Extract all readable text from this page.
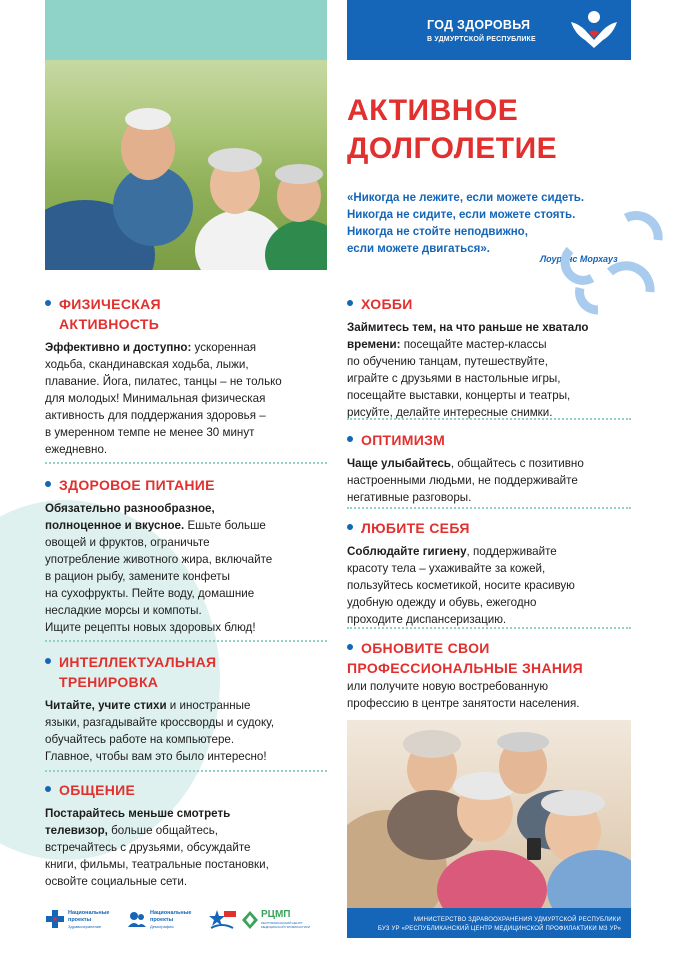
ГОД ЗДОРОВЬЯ
В УДМУРТСКОЙ РЕСПУБЛИКЕ
АКТИВНОЕ
ДОЛГОЛЕТИЕ
«Никогда не лежите, если можете сидеть.
Никогда не сидите, если можете стоять.
Никогда не стойте неподвижно,
если можете двигаться».
Лоуренс Морхауз
ФИЗИЧЕСКАЯ
АКТИВНОСТЬ
Эффективно и доступно: ускоренная
ходьба, скандинавская ходьба, лыжи,
плавание. Йога, пилатес, танцы – не только
для молодых! Минимальная физическая
активность для поддержания здоровья –
в умеренном темпе не менее 30 минут
ежедневно.
ЗДОРОВОЕ ПИТАНИЕ
Обязательно разнообразное,
полноценное и вкусное. Ешьте больше
овощей и фруктов, ограничьте
употребление животного жира, включайте
в рацион рыбу, замените конфеты
на сухофрукты. Пейте воду, домашние
несладкие морсы и компоты.
Ищите рецепты новых здоровых блюд!
ИНТЕЛЛЕКТУАЛЬНАЯ
ТРЕНИРОВКА
Читайте, учите стихи и иностранные
языки, разгадывайте кроссворды и судоку,
обучайтесь работе на компьютере.
Главное, чтобы вам это было интересно!
ОБЩЕНИЕ
Постарайтесь меньше смотреть
телевизор, больше общайтесь,
встречайтесь с друзьями, обсуждайте
книги, фильмы, театральные постановки,
освойте социальные сети.
ХОББИ
Займитесь тем, на что раньше не хватало
времени: посещайте мастер-классы
по обучению танцам, путешествуйте,
играйте с друзьями в настольные игры,
посещайте выставки, концерты и театры,
рисуйте, делайте интересные снимки.
ОПТИМИЗМ
Чаще улыбайтесь, общайтесь с позитивно
настроенными людьми, не поддерживайте
негативные разговоры.
ЛЮБИТЕ СЕБЯ
Соблюдайте гигиену, поддерживайте
красоту тела – ухаживайте за кожей,
пользуйтесь косметикой, носите красивую
удобную одежду и обувь, ежегодно
проходите диспансеризацию.
ОБНОВИТЕ СВОИ
ПРОФЕССИОНАЛЬНЫЕ ЗНАНИЯ
или получите новую востребованную
профессию в центре занятости населения.
Национальные
проекты
Здравоохранение
Национальные
проекты
Демография
РЦМП
РЕСПУБЛИКАНСКИЙ ЦЕНТР МЕДИЦИНСКОЙ ПРОФИЛАКТИКИ
МИНИСТЕРСТВО ЗДРАВООХРАНЕНИЯ УДМУРТСКОЙ РЕСПУБЛИКИ
БУЗ УР «РЕСПУБЛИКАНСКИЙ ЦЕНТР МЕДИЦИНСКОЙ ПРОФИЛАКТИКИ МЗ УР»
